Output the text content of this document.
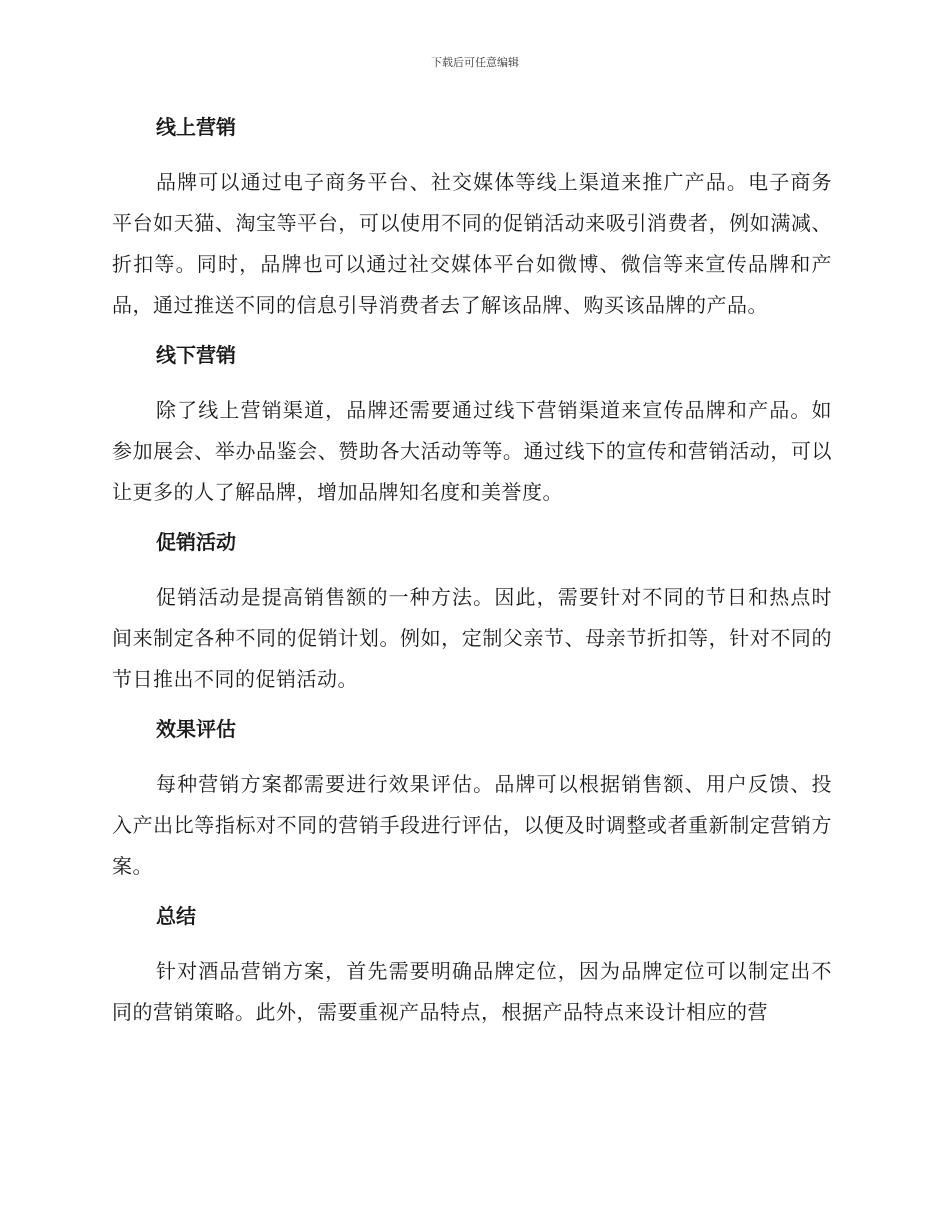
下载后可任意编辑
线上营销

品牌可以通过电子商务平台、社交媒体等线上渠道来推广产品。电子商务平台如天猫、淘宝等平台，可以使用不同的促销活动来吸引消费者，例如满减、折扣等。同时，品牌也可以通过社交媒体平台如微博、微信等来宣传品牌和产品，通过推送不同的信息引导消费者去了解该品牌、购买该品牌的产品。

线下营销

除了线上营销渠道，品牌还需要通过线下营销渠道来宣传品牌和产品。如参加展会、举办品鉴会、赞助各大活动等等。通过线下的宣传和营销活动，可以让更多的人了解品牌，增加品牌知名度和美誉度。

促销活动

促销活动是提高销售额的一种方法。因此，需要针对不同的节日和热点时间来制定各种不同的促销计划。例如，定制父亲节、母亲节折扣等，针对不同的节日推出不同的促销活动。

效果评估

每种营销方案都需要进行效果评估。品牌可以根据销售额、用户反馈、投入产出比等指标对不同的营销手段进行评估，以便及时调整或者重新制定营销方案。

总结

针对酒品营销方案，首先需要明确品牌定位，因为品牌定位可以制定出不同的营销策略。此外，需要重视产品特点，根据产品特点来设计相应的营
